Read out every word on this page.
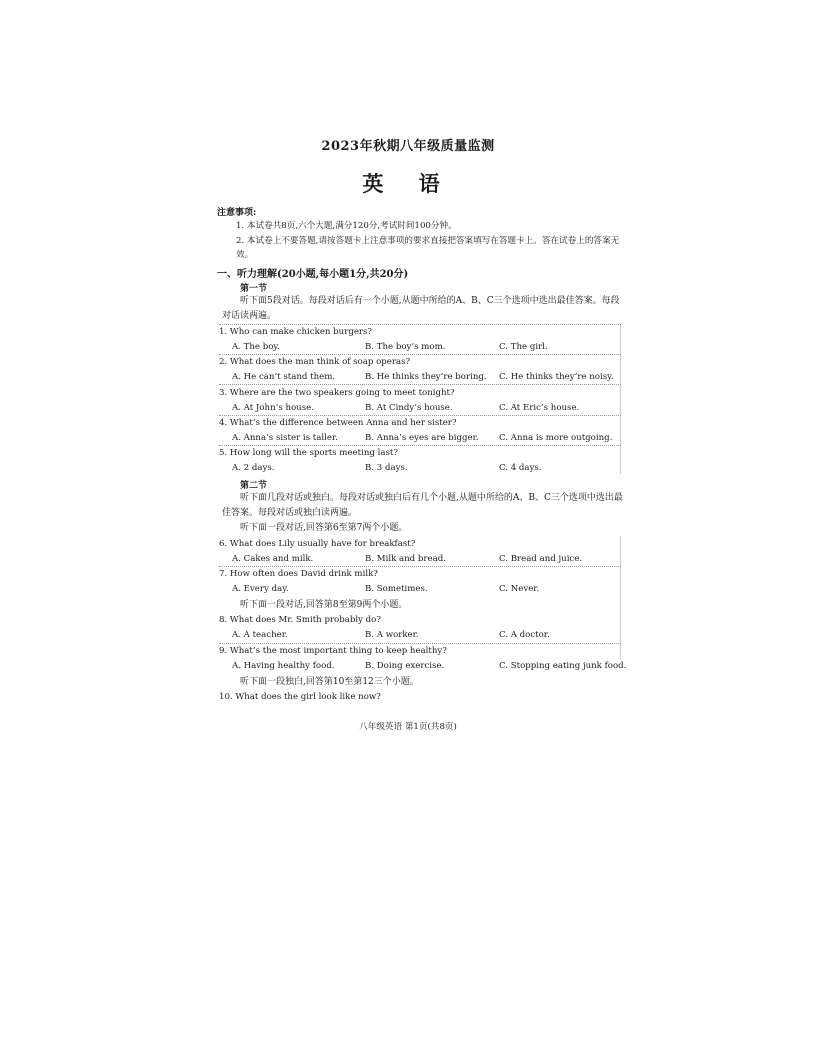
2023年秋期八年级质量监测
英 语
注意事项:
1. 本试卷共8页,六个大题,满分120分,考试时间100分钟。
2. 本试卷上不要答题,请按答题卡上注意事项的要求直接把答案填写在答题卡上。答在试卷上的答案无效。
一、听力理解(20小题,每小题1分,共20分)
第一节
听下面5段对话。每段对话后有一个小题,从题中所给的A、B、C三个选项中选出最佳答案。每段对话读两遍。
1. Who can make chicken burgers?
A. The boy.	B. The boy’s mom.	C. The girl.
2. What does the man think of soap operas?
A. He can’t stand them.	B. He thinks they’re boring. C. He thinks they’re noisy.
3. Where are the two speakers going to meet tonight?
A. At John’s house.	B. At Cindy’s house.	C. At Eric’s house.
4. What’s the difference between Anna and her sister?
A. Anna’s sister is taller.	B. Anna’s eyes are bigger. C. Anna is more outgoing.
5. How long will the sports meeting last?
A. 2 days.	B. 3 days.	C. 4 days.
第二节
听下面几段对话或独白。每段对话或独白后有几个小题,从题中所给的A、B、C三个选项中选出最佳答案。每段对话或独白读两遍。
听下面一段对话,回答第6至第7两个小题。
6. What does Lily usually have for breakfast?
A. Cakes and milk.	B. Milk and bread.	C. Bread and juice.
7. How often does David drink milk?
A. Every day.	B. Sometimes.	C. Never.
听下面一段对话,回答第8至第9两个小题。
8. What does Mr. Smith probably do?
A. A teacher.	B. A worker.	C. A doctor.
9. What’s the most important thing to keep healthy?
A. Having healthy food.	B. Doing exercise.	C. Stopping eating junk food.
听下面一段独白,回答第10至第12三个小题。
10. What does the girl look like now?
八年级英语 第1页(共8页)
